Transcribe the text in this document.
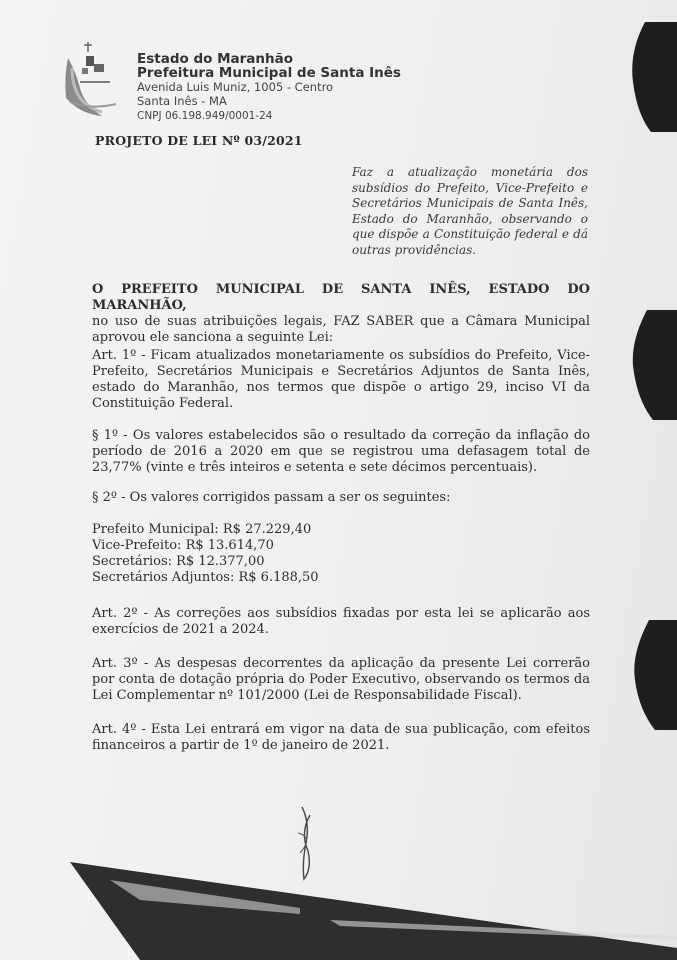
Estado do Maranhão
Prefeitura Municipal de Santa Inês
Avenida Luis Muniz, 1005 - Centro
Santa Inês - MA
CNPJ 06.198.949/0001-24
PROJETO DE LEI Nº 03/2021
Faz a atualização monetária dos subsídios do Prefeito, Vice-Prefeito e Secretários Municipais de Santa Inês, Estado do Maranhão, observando o que dispõe a Constituição federal e dá outras providências.
O PREFEITO MUNICIPAL DE SANTA INÊS, ESTADO DO MARANHÃO,
no uso de suas atribuições legais, FAZ SABER que a Câmara Municipal aprovou ele sanciona a seguinte Lei:
Art. 1º - Ficam atualizados monetariamente os subsídios do Prefeito, Vice-Prefeito, Secretários Municipais e Secretários Adjuntos de Santa Inês, estado do Maranhão, nos termos que dispõe o artigo 29, inciso VI da Constituição Federal.
§ 1º - Os valores estabelecidos são o resultado da correção da inflação do período de 2016 a 2020 em que se registrou uma defasagem total de 23,77% (vinte e três inteiros e setenta e sete décimos percentuais).
§ 2º - Os valores corrigidos passam a ser os seguintes:
Prefeito Municipal: R$ 27.229,40
Vice-Prefeito: R$ 13.614,70
Secretários: R$ 12.377,00
Secretários Adjuntos: R$ 6.188,50
Art. 2º - As correções aos subsídios fixadas por esta lei se aplicarão aos exercícios de 2021 a 2024.
Art. 3º - As despesas decorrentes da aplicação da presente Lei correrão por conta de dotação própria do Poder Executivo, observando os termos da Lei Complementar nº 101/2000 (Lei de Responsabilidade Fiscal).
Art. 4º - Esta Lei entrará em vigor na data de sua publicação, com efeitos financeiros a partir de 1º de janeiro de 2021.
